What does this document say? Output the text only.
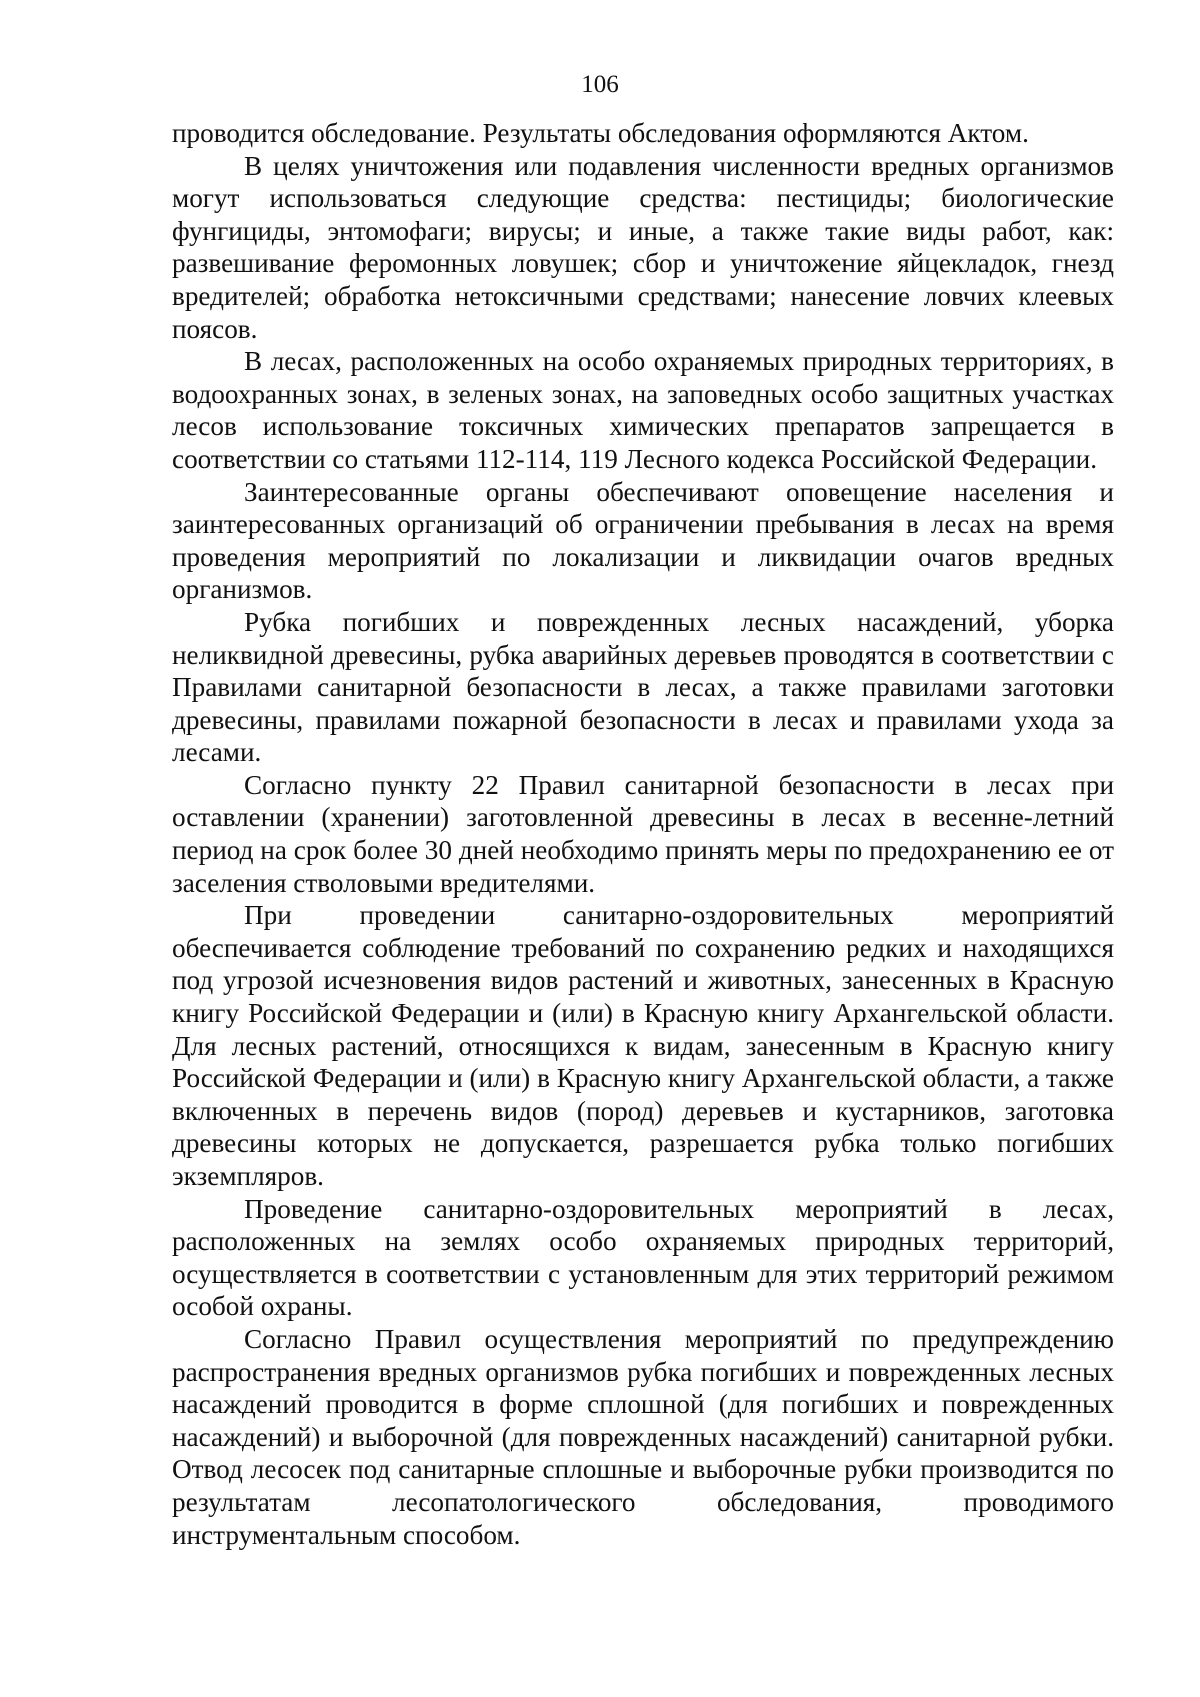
106

проводится обследование. Результаты обследования оформляются Актом.

В целях уничтожения или подавления численности вредных организмов могут использоваться следующие средства: пестициды; биологические фунгициды, энтомофаги; вирусы; и иные, а также такие виды работ, как: развешивание феромонных ловушек; сбор и уничтожение яйцекладок, гнезд вредителей; обработка нетоксичными средствами; нанесение ловчих клеевых поясов.

В лесах, расположенных на особо охраняемых природных территориях, в водоохранных зонах, в зеленых зонах, на заповедных особо защитных участках лесов использование токсичных химических препаратов запрещается в соответствии со статьями 112-114, 119 Лесного кодекса Российской Федерации.

Заинтересованные органы обеспечивают оповещение населения и заинтересованных организаций об ограничении пребывания в лесах на время проведения мероприятий по локализации и ликвидации очагов вредных организмов.

Рубка погибших и поврежденных лесных насаждений, уборка неликвидной древесины, рубка аварийных деревьев проводятся в соответствии с Правилами санитарной безопасности в лесах, а также правилами заготовки древесины, правилами пожарной безопасности в лесах и правилами ухода за лесами.

Согласно пункту 22 Правил санитарной безопасности в лесах при оставлении (хранении) заготовленной древесины в лесах в весенне-летний период на срок более 30 дней необходимо принять меры по предохранению ее от заселения стволовыми вредителями.

При проведении санитарно-оздоровительных мероприятий обеспечивается соблюдение требований по сохранению редких и находящихся под угрозой исчезновения видов растений и животных, занесенных в Красную книгу Российской Федерации и (или) в Красную книгу Архангельской области. Для лесных растений, относящихся к видам, занесенным в Красную книгу Российской Федерации и (или) в Красную книгу Архангельской области, а также включенных в перечень видов (пород) деревьев и кустарников, заготовка древесины которых не допускается, разрешается рубка только погибших экземпляров.

Проведение санитарно-оздоровительных мероприятий в лесах, расположенных на землях особо охраняемых природных территорий, осуществляется в соответствии с установленным для этих территорий режимом особой охраны.

Согласно Правил осуществления мероприятий по предупреждению распространения вредных организмов рубка погибших и поврежденных лесных насаждений проводится в форме сплошной (для погибших и поврежденных насаждений) и выборочной (для поврежденных насаждений) санитарной рубки. Отвод лесосек под санитарные сплошные и выборочные рубки производится по результатам лесопатологического обследования, проводимого инструментальным способом.
